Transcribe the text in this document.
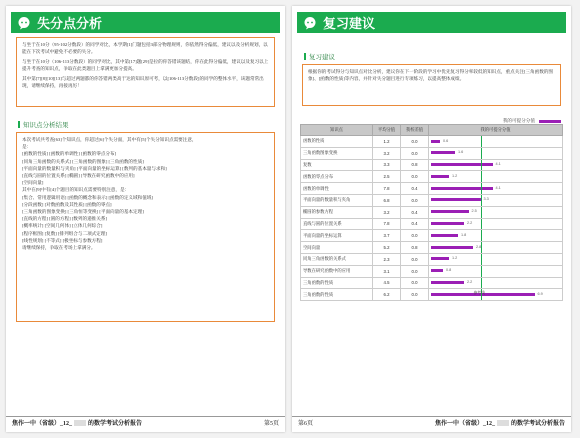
失分点分析

与坐于在10分（95-102分数段）的同学对比，本学期[1]门题包括3部分物理规则，你依然得分偏低，建议以及分析规划，以能在下次考试中避免不必要的失分。

与坐于在10分（106-113分数段）的同学对比，其中第[17]题[29]是拉的你答错该题结，你在此得分偏低，建议以及复习以上提升考查的知识点，争取在此类题目上拿满更加分提高。

其中第[7][8][10][13]与超过两题都的你答错两类高于达的知识原可考，以[106-113分数段]的同学的整体水平，该题常常出现，请继续保持，再接再厉！

知识点分析结果
本次考试共考查[63]个知识点，你超过[6]个失分面，其中有[5]个失分知识点需要注意，
是：
[函数的性质] [函数的单调性] [函数的零点分布]
[同角三角函数的关系式] [三角函数的图象] [三角函数的性质]
[平面向量的数量积与夹角] [平面向量的坐标运算] [数列的基本量与求和]
[直线与圆的位置关系] [椭圆] [导数在研究函数中的应用]
[空间向量]
其中在[9]中有[4]个题目的知识点需要特别注意，是：
[集合、常用逻辑用语] [函数的概念和表示] [函数的定义域和值域]
[分段函数] [对数函数及其性质] [函数的零点]
[三角函数的图象变换] [三角恒等变换] [平面向量的基本定理]
[直线的方程] [圆的方程] [数列的递推关系]
[概率统计] [空间几何体] [立体几何综合]
[程序框图] [复数] [排列组合与二项式定理]
[线性规划] [不等式] [极坐标与参数方程]
请继续保持，争取在考场上拿满分。
焦作一中（省级）_12_	的数学考试分析报告	第5页
复习建议
复习建议

根据你的考试得分与知识点对比分析，建议你在下一阶段的学习中优先复习得分率较低的知识点，重点关注[三角函数的图象]、[函数的性质]等内容，并针对失分题目进行专项练习，以提高整体成绩。

我的可提分分值
知识点	平均分值	我校差值	我的可提分分值
函数的性质	1.2	0.0	0.6

三角函数图象变换	3.2	0.0	1.6

复数	3.3	0.8	4.1

函数的零点分布	2.5	0.0	1.2

函数的单调性	7.8	0.4	4.1

平面向量的数量积与夹角	6.8	0.0	3.3

椭圆的参数方程	3.2	0.4	2.5

直线与圆的位置关系	7.8	0.4	2.2

平面向量的坐标运算	3.7	0.0	1.8

空间向量	5.2	0.8	2.8

同角三角函数的关系式	2.3	0.0	1.2

导数在研究函数中的应用	3.1	0.0	0.8

三角函数的性质	4.5	0.0	2.2

三角函数的性质	6.2	0.0	6.9
参考线
第6页	焦作一中（省级）_12_	的数学考试分析报告
